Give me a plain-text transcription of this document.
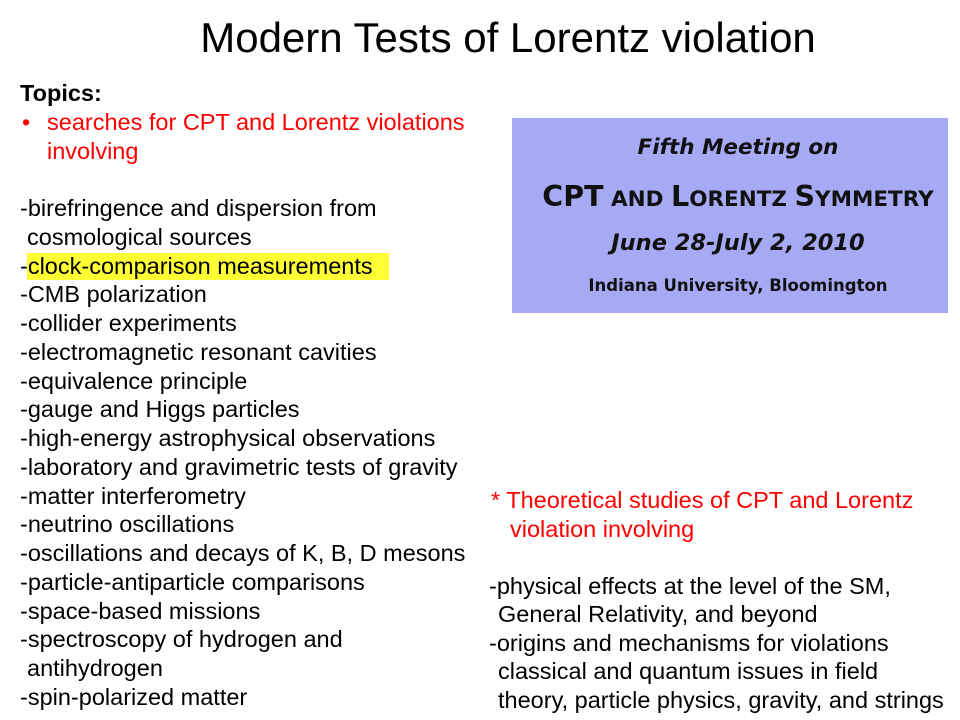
Modern Tests of Lorentz violation
Topics:
• searches for CPT and Lorentz violations
involving
-birefringence and dispersion from
cosmological sources
-clock-comparison measurements
-CMB polarization
-collider experiments
-electromagnetic resonant cavities
-equivalence principle
-gauge and Higgs particles
-high-energy astrophysical observations
-laboratory and gravimetric tests of gravity
-matter interferometry
-neutrino oscillations
-oscillations and decays of K, B, D mesons
-particle-antiparticle comparisons
-space-based missions
-spectroscopy of hydrogen and
antihydrogen
-spin-polarized matter
Fifth Meeting on
CPT AND LORENTZ SYMMETRY
June 28-July 2, 2010
Indiana University, Bloomington
* Theoretical studies of CPT and Lorentz
violation involving
-physical effects at the level of the SM,
General Relativity, and beyond
-origins and mechanisms for violations
classical and quantum issues in field
theory, particle physics, gravity, and strings
